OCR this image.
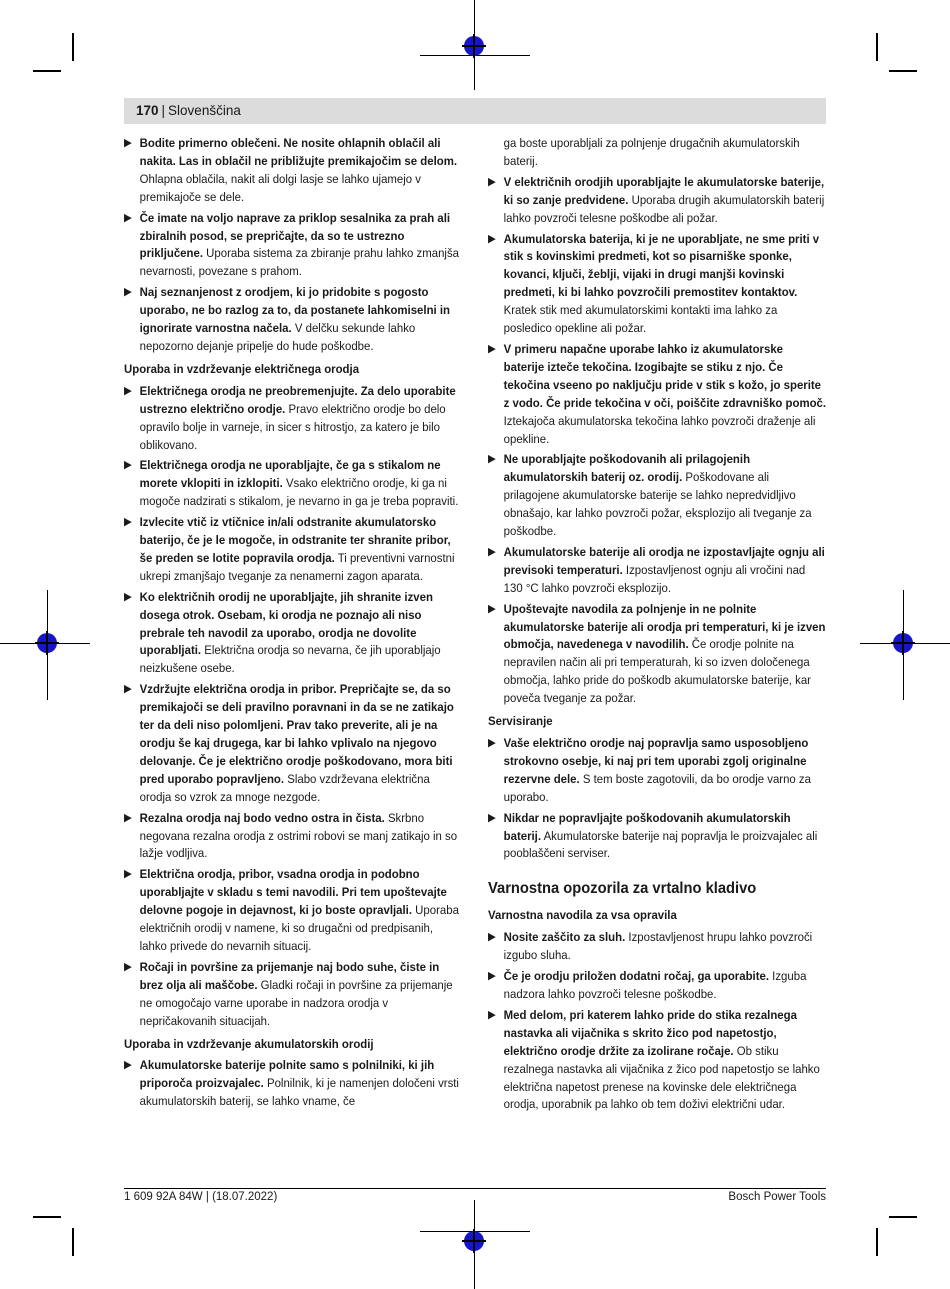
170 | Slovenščina
▶ Bodite primerno oblečeni. Ne nosite ohlapnih oblačil ali nakita. Las in oblačil ne približujte premikajočim se delom. Ohlapna oblačila, nakit ali dolgi lasje se lahko ujamejo v premikajoče se dele.
▶ Če imate na voljo naprave za priklop sesalnika za prah ali zbiralnih posod, se prepričajte, da so te ustrezno priključene. Uporaba sistema za zbiranje prahu lahko zmanjša nevarnosti, povezane s prahom.
▶ Naj seznanjenost z orodjem, ki jo pridobite s pogosto uporabo, ne bo razlog za to, da postanete lahkomiselni in ignorirate varnostna načela. V delčku sekunde lahko nepozorno dejanje pripelje do hude poškodbe.
Uporaba in vzdrževanje električnega orodja
▶ Električnega orodja ne preobremenjujte. Za delo uporabite ustrezno električno orodje. Pravo električno orodje bo delo opravilo bolje in varneje, in sicer s hitrostjo, za katero je bilo oblikovano.
▶ Električnega orodja ne uporabljajte, če ga s stikalom ne morete vklopiti in izklopiti. Vsako električno orodje, ki ga ni mogoče nadzirati s stikalom, je nevarno in ga je treba popraviti.
▶ Izvlecite vtič iz vtičnice in/ali odstranite akumulatorsko baterijo, če je le mogoče, in odstranite ter shranite pribor, še preden se lotite popravila orodja. Ti preventivni varnostni ukrepi zmanjšajo tveganje za nenamerni zagon aparata.
▶ Ko električnih orodij ne uporabljajte, jih shranite izven dosega otrok. Osebam, ki orodja ne poznajo ali niso prebrale teh navodil za uporabo, orodja ne dovolite uporabljati. Električna orodja so nevarna, če jih uporabljajo neizkušene osebe.
▶ Vzdržujte električna orodja in pribor. Prepričajte se, da so premikajoči se deli pravilno poravnani in da se ne zatikajo ter da deli niso polomljeni. Prav tako preverite, ali je na orodju še kaj drugega, kar bi lahko vplivalo na njegovo delovanje. Če je električno orodje poškodovano, mora biti pred uporabo popravljeno. Slabo vzdrževana električna orodja so vzrok za mnoge nezgode.
▶ Rezalna orodja naj bodo vedno ostra in čista. Skrbno negovana rezalna orodja z ostrimi robovi se manj zatikajo in so lažje vodljiva.
▶ Električna orodja, pribor, vsadna orodja in podobno uporabljajte v skladu s temi navodili. Pri tem upoštevajte delovne pogoje in dejavnost, ki jo boste opravljali. Uporaba električnih orodij v namene, ki so drugačni od predpisanih, lahko privede do nevarnih situacij.
▶ Ročaji in površine za prijemanje naj bodo suhe, čiste in brez olja ali maščobe. Gladki ročaji in površine za prijemanje ne omogočajo varne uporabe in nadzora orodja v nepričakovanih situacijah.
Uporaba in vzdrževanje akumulatorskih orodij
▶ Akumulatorske baterije polnite samo s polnilniki, ki jih priporoča proizvajalec. Polnilnik, ki je namenjen določeni vrsti akumulatorskih baterij, se lahko vname, če
ga boste uporabljali za polnjenje drugačnih akumulatorskih baterij.
▶ V električnih orodjih uporabljajte le akumulatorske baterije, ki so zanje predvidene. Uporaba drugih akumulatorskih baterij lahko povzroči telesne poškodbe ali požar.
▶ Akumulatorska baterija, ki je ne uporabljate, ne sme priti v stik s kovinskimi predmeti, kot so pisarniške sponke, kovanci, ključi, žeblji, vijaki in drugi manjši kovinski predmeti, ki bi lahko povzročili premostitev kontaktov. Kratek stik med akumulatorskimi kontakti ima lahko za posledico opekline ali požar.
▶ V primeru napačne uporabe lahko iz akumulatorske baterije izteče tekočina. Izogibajte se stiku z njo. Če tekočina vseeno po naključju pride v stik s kožo, jo sperite z vodo. Če pride tekočina v oči, poiščite zdravniško pomoč. Iztekajoča akumulatorska tekočina lahko povzroči draženje ali opekline.
▶ Ne uporabljajte poškodovanih ali prilagojenih akumulatorskih baterij oz. orodij. Poškodovane ali prilagojene akumulatorske baterije se lahko nepredvidljivo obnašajo, kar lahko povzroči požar, eksplozijo ali tveganje za poškodbe.
▶ Akumulatorske baterije ali orodja ne izpostavljajte ognju ali previsoki temperaturi. Izpostavljenost ognju ali vročini nad 130 °C lahko povzroči eksplozijo.
▶ Upoštevajte navodila za polnjenje in ne polnite akumulatorske baterije ali orodja pri temperaturi, ki je izven območja, navedenega v navodilih. Če orodje polnite na nepravilen način ali pri temperaturah, ki so izven določenega območja, lahko pride do poškodb akumulatorske baterije, kar poveča tveganje za požar.
Servisiranje
▶ Vaše električno orodje naj popravlja samo usposobljeno strokovno osebje, ki naj pri tem uporabi zgolj originalne rezervne dele. S tem boste zagotovili, da bo orodje varno za uporabo.
▶ Nikdar ne popravljajte poškodovanih akumulatorskih baterij. Akumulatorske baterije naj popravlja le proizvajalec ali pooblaščeni serviser.
Varnostna opozorila za vrtalno kladivo
Varnostna navodila za vsa opravila
▶ Nosite zaščito za sluh. Izpostavljenost hrupu lahko povzroči izgubo sluha.
▶ Če je orodju priložen dodatni ročaj, ga uporabite. Izguba nadzora lahko povzroči telesne poškodbe.
▶ Med delom, pri katerem lahko pride do stika rezalnega nastavka ali vijačnika s skrito žico pod napetostjo, električno orodje držite za izolirane ročaje. Ob stiku rezalnega nastavka ali vijačnika z žico pod napetostjo se lahko električna napetost prenese na kovinske dele električnega orodja, uporabnik pa lahko ob tem doživi električni udar.
1 609 92A 84W | (18.07.2022)	Bosch Power Tools
